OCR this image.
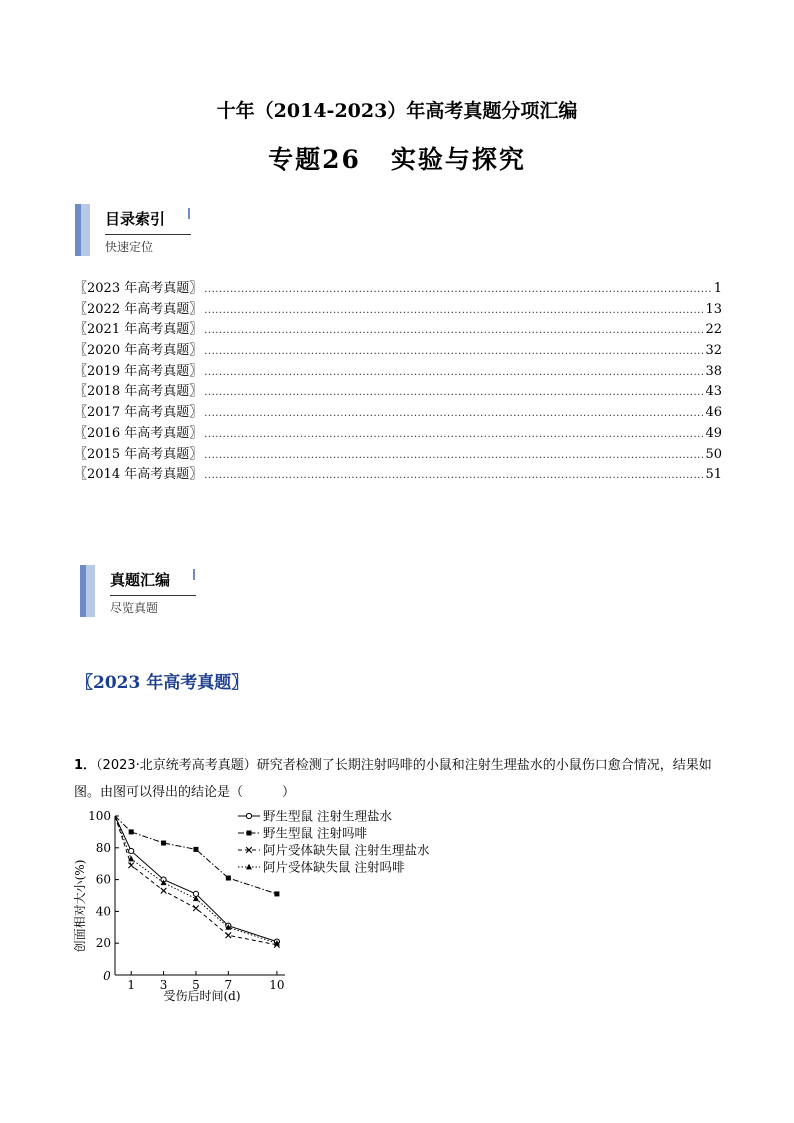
十年（2014-2023）年高考真题分项汇编
专题26 实验与探究
目录索引
快速定位
〖2023 年高考真题〗 .....	1
〖2022 年高考真题〗 .....	13
〖2021 年高考真题〗 .....	22
〖2020 年高考真题〗 .....	32
〖2019 年高考真题〗 .....	38
〖2018 年高考真题〗 .....	43
〖2017 年高考真题〗 .....	46
〖2016 年高考真题〗 .....	49
〖2015 年高考真题〗 .....	50
〖2014 年高考真题〗 .....	51
真题汇编
尽览真题
〖2023 年高考真题〗
1．（2023·北京统考高考真题）研究者检测了长期注射吗啡的小鼠和注射生理盐水的小鼠伤口愈合情况，结果如图。由图可以得出的结论是（　　　）
创面相对大小(%)
受伤后时间(d)
0
20
40
60
80
100
1 3 5 7	10
野生型鼠 注射生理盐水
野生型鼠 注射吗啡
阿片受体缺失鼠 注射生理盐水
阿片受体缺失鼠 注射吗啡
